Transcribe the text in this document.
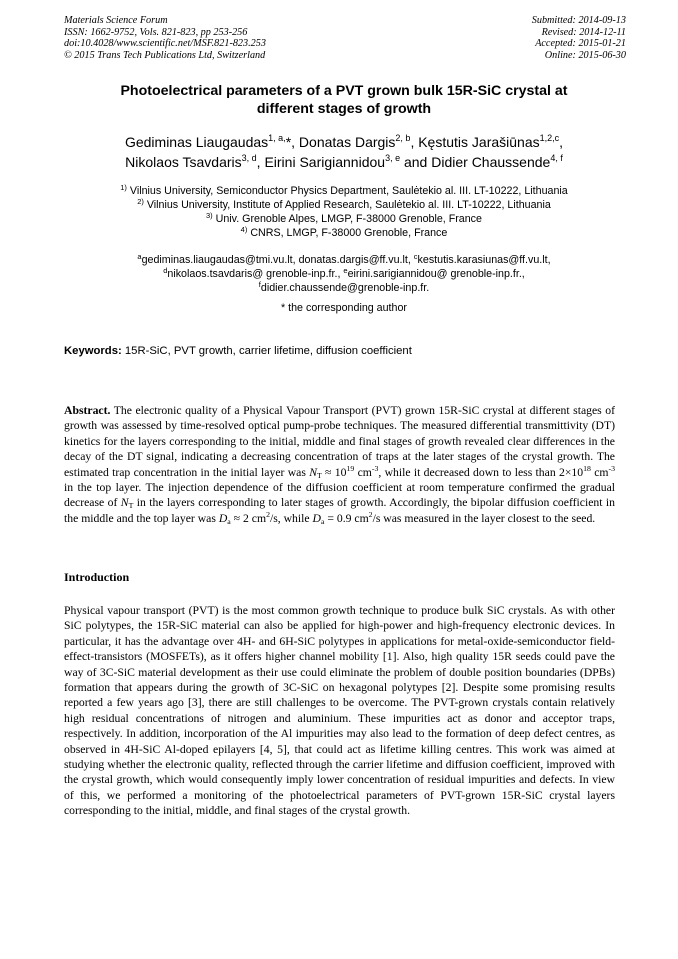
Materials Science Forum
ISSN: 1662-9752, Vols. 821-823, pp 253-256
doi:10.4028/www.scientific.net/MSF.821-823.253
© 2015 Trans Tech Publications Ltd, Switzerland
Submitted: 2014-09-13
Revised: 2014-12-11
Accepted: 2015-01-21
Online: 2015-06-30
Photoelectrical parameters of a PVT grown bulk 15R-SiC crystal at
different stages of growth
Gediminas Liaugaudas$^{1, a,}$*, Donatas Dargis$^{2, b}$, Kęstutis Jarašiūnas$^{1,2,c}$,
Nikolaos Tsavdaris$^{3, d}$, Eirini Sarigiannidou$^{3, e}$ and Didier Chaussende$^{4, f}$
$^{1)}$ Vilnius University, Semiconductor Physics Department, Saulėtekio al. III. LT-10222, Lithuania
$^{2)}$ Vilnius University, Institute of Applied Research, Saulėtekio al. III. LT-10222, Lithuania
$^{3)}$ Univ. Grenoble Alpes, LMGP, F-38000 Grenoble, France
$^{4)}$ CNRS, LMGP, F-38000 Grenoble, France
$^a$gediminas.liaugaudas@tmi.vu.lt, donatas.dargis@ff.vu.lt, $^c$kestutis.karasiunas@ff.vu.lt,
$^d$nikolaos.tsavdaris@ grenoble-inp.fr., $^e$eirini.sarigiannidou@ grenoble-inp.fr.,
$^f$didier.chaussende@grenoble-inp.fr.
* the corresponding author
Keywords: 15R-SiC, PVT growth, carrier lifetime, diffusion coefficient
Abstract. The electronic quality of a Physical Vapour Transport (PVT) grown 15R-SiC crystal at different stages of growth was assessed by time-resolved optical pump-probe techniques. The measured differential transmittivity (DT) kinetics for the layers corresponding to the initial, middle and final stages of growth revealed clear differences in the decay of the DT signal, indicating a decreasing concentration of traps at the later stages of the crystal growth. The estimated trap concentration in the initial layer was $N_T \approx 10^{19}$ $cm^{-3}$, while it decreased down to less than $2\times 10^{18}$ $cm^{-3}$ in the top layer. The injection dependence of the diffusion coefficient at room temperature confirmed the gradual decrease of $N_T$ in the layers corresponding to later stages of growth. Accordingly, the bipolar diffusion coefficient in the middle and the top layer was $D_a \approx 2$ $cm^2/s$, while $D_a = 0.9$ $cm^2/s$ was measured in the layer closest to the seed.
Introduction
Physical vapour transport (PVT) is the most common growth technique to produce bulk SiC crystals. As with other SiC polytypes, the 15R-SiC material can also be applied for high-power and high-frequency electronic devices. In particular, it has the advantage over 4H- and 6H-SiC polytypes in applications for metal-oxide-semiconductor field-effect-transistors (MOSFETs), as it offers higher channel mobility [1]. Also, high quality 15R seeds could pave the way of 3C-SiC material development as their use could eliminate the problem of double position boundaries (DPBs) formation that appears during the growth of 3C-SiC on hexagonal polytypes [2]. Despite some promising results reported a few years ago [3], there are still challenges to be overcome. The PVT-grown crystals contain relatively high residual concentrations of nitrogen and aluminium. These impurities act as donor and acceptor traps, respectively. In addition, incorporation of the Al impurities may also lead to the formation of deep defect centres, as observed in 4H-SiC Al-doped epilayers [4, 5], that could act as lifetime killing centres. This work was aimed at studying whether the electronic quality, reflected through the carrier lifetime and diffusion coefficient, improved with the crystal growth, which would consequently imply lower concentration of residual impurities and defects. In view of this, we performed a monitoring of the photoelectrical parameters of PVT-grown 15R-SiC crystal layers corresponding to the initial, middle, and final stages of the crystal growth.
